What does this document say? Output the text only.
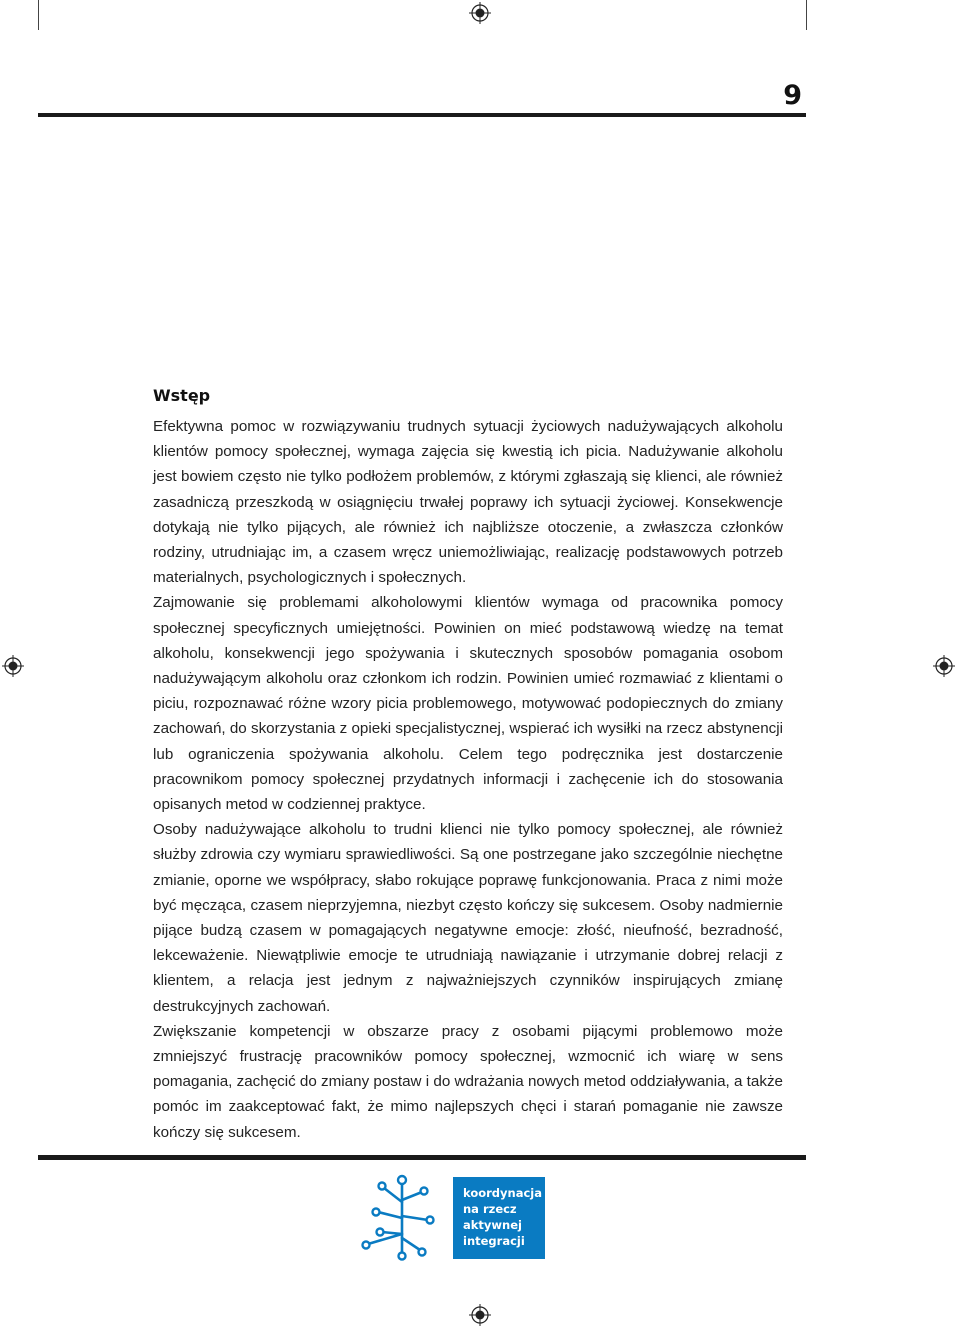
9
Wstęp

Efektywna pomoc w rozwiązywaniu trudnych sytuacji życiowych nadużywających alkoholu klientów pomocy społecznej, wymaga zajęcia się kwestią ich picia. Nadużywanie alkoholu jest bowiem często nie tylko podłożem problemów, z którymi zgłaszają się klienci, ale również zasadniczą przeszkodą w osiągnięciu trwałej poprawy ich sytuacji życiowej. Konsekwencje dotykają nie tylko pijących, ale również ich najbliższe otoczenie, a zwłaszcza członków rodziny, utrudniając im, a czasem wręcz uniemożliwiając, realizację podstawowych potrzeb materialnych, psychologicznych i społecznych.

Zajmowanie się problemami alkoholowymi klientów wymaga od pracownika pomocy społecznej specyficznych umiejętności. Powinien on mieć podstawową wiedzę na temat alkoholu, konsekwencji jego spożywania i skutecznych sposobów pomagania osobom nadużywającym alkoholu oraz członkom ich rodzin. Powinien umieć rozmawiać z klientami o piciu, rozpoznawać różne wzory picia problemowego, motywować podopiecznych do zmiany zachowań, do skorzystania z opieki specjalistycznej, wspierać ich wysiłki na rzecz abstynencji lub ograniczenia spożywania alkoholu. Celem tego podręcznika jest dostarczenie pracownikom pomocy społecznej przydatnych informacji i zachęcenie ich do stosowania opisanych metod w codziennej praktyce.

Osoby nadużywające alkoholu to trudni klienci nie tylko pomocy społecznej, ale również służby zdrowia czy wymiaru sprawiedliwości. Są one postrzegane jako szczególnie niechętne zmianie, oporne we współpracy, słabo rokujące poprawę funkcjonowania. Praca z nimi może być męcząca, czasem nieprzyjemna, niezbyt często kończy się sukcesem. Osoby nadmiernie pijące budzą czasem w pomagających negatywne emocje: złość, nieufność, bezradność, lekceważenie. Niewątpliwie emocje te utrudniają nawiązanie i utrzymanie dobrej relacji z klientem, a relacja jest jednym z najważniejszych czynników inspirujących zmianę destrukcyjnych zachowań.

Zwiększanie kompetencji w obszarze pracy z osobami pijącymi problemowo może zmniejszyć frustrację pracowników pomocy społecznej, wzmocnić ich wiarę w sens pomagania, zachęcić do zmiany postaw i do wdrażania nowych metod oddziaływania, a także pomóc im zaakceptować fakt, że mimo najlepszych chęci i starań pomaganie nie zawsze kończy się sukcesem.

koordynacja
na rzecz
aktywnej
integracji
